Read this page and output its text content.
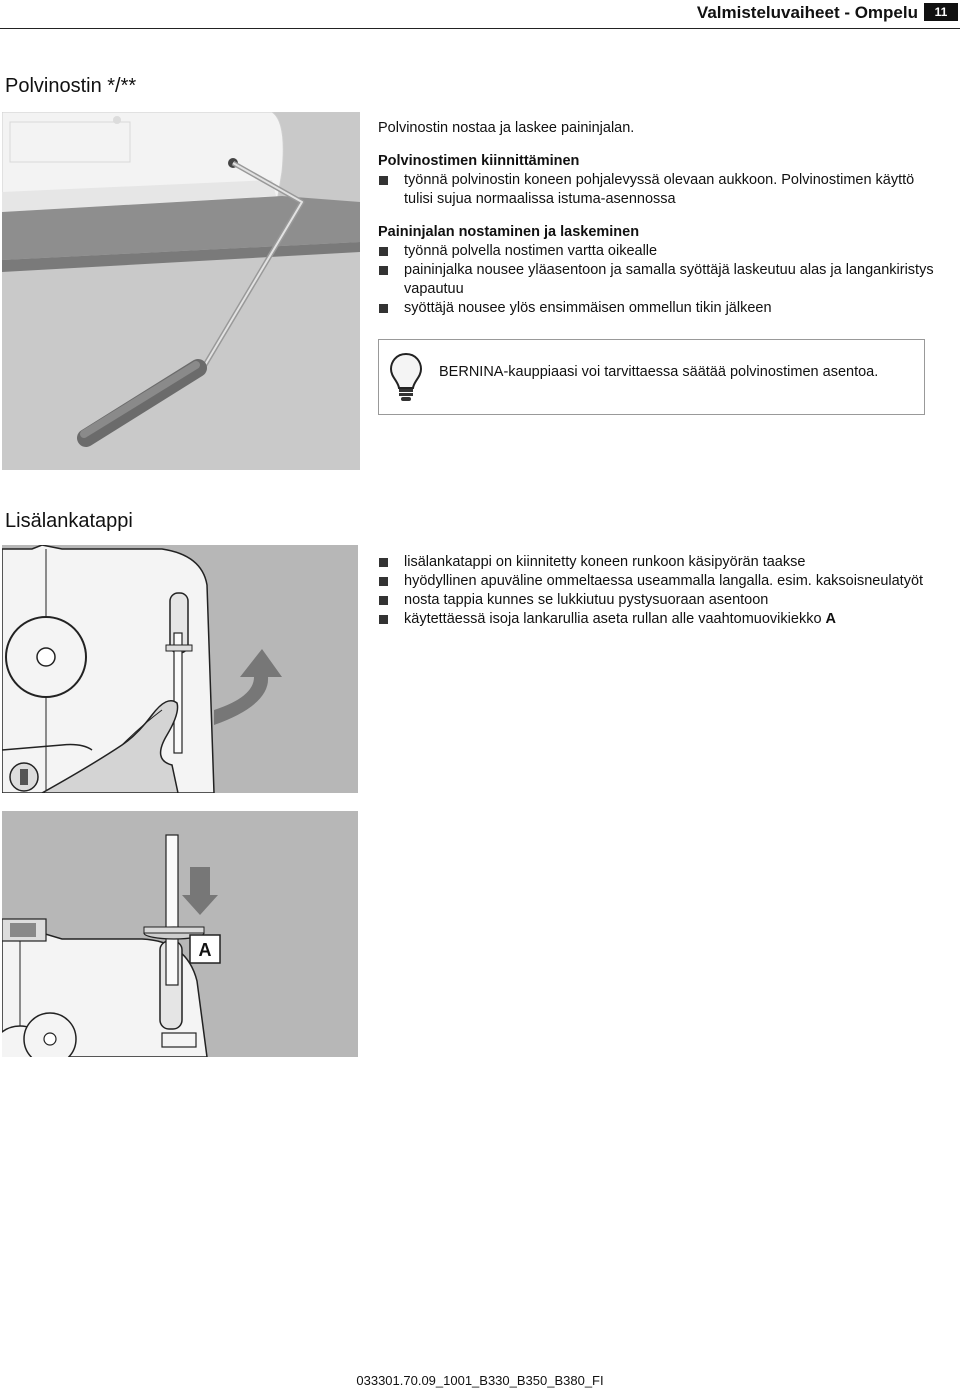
Valmisteluvaiheet - Ompelu	11
Polvinostin */**

Polvinostin nostaa ja laskee paininjalan.

Polvinostimen kiinnittäminen

työnnä polvinostin koneen pohjalevyssä olevaan aukkoon. Polvinostimen käyttö tulisi sujua normaalissa istuma-asennossa

Paininjalan nostaminen ja laskeminen

työnnä polvella nostimen vartta oikealle
paininjalka nousee yläasentoon ja samalla syöttäjä laskeutuu alas ja langankiristys vapautuu
syöttäjä nousee ylös ensimmäisen ommellun tikin jälkeen
BERNINA-kauppiaasi voi tarvittaessa säätää polvinostimen asentoa.
Lisälankatappi
lisälankatappi on kiinnitetty koneen runkoon käsipyörän taakse
hyödyllinen apuväline ommeltaessa useammalla langalla. esim. kaksoisneulatyöt
nosta tappia kunnes se lukkiutuu pystysuoraan asentoon
käytettäessä isoja lankarullia aseta rullan alle vaahtomuovikiekko A
A
033301.70.09_1001_B330_B350_B380_FI
